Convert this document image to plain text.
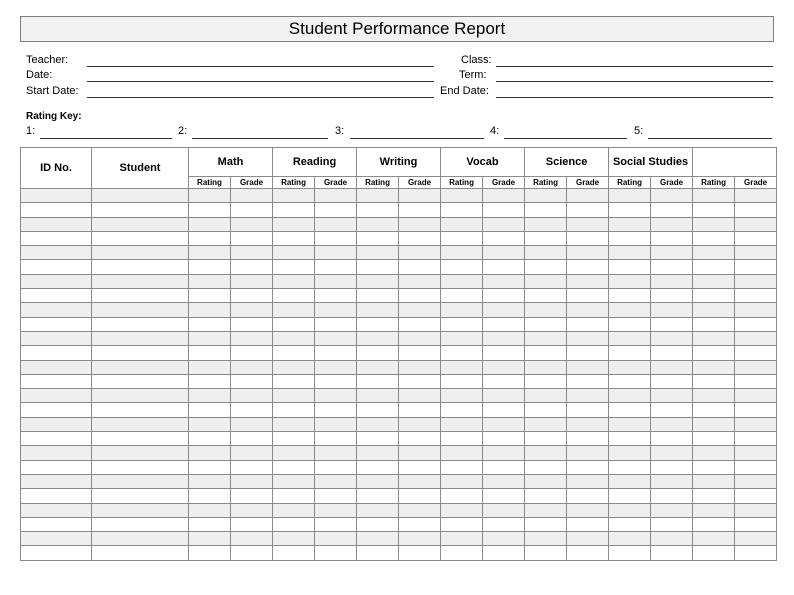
Student Performance Report
Teacher:
Date:
Start Date:
Class:
Term:
End Date:
Rating Key:
1:	2:	3:	4:	5:
ID No.	Student	Math		Reading		Writing		Vocab		Science		Social Studies			
		Rating	Grade	Rating	Grade	Rating	Grade	Rating	Grade	Rating	Grade	Rating	Grade	Rating	Grade
